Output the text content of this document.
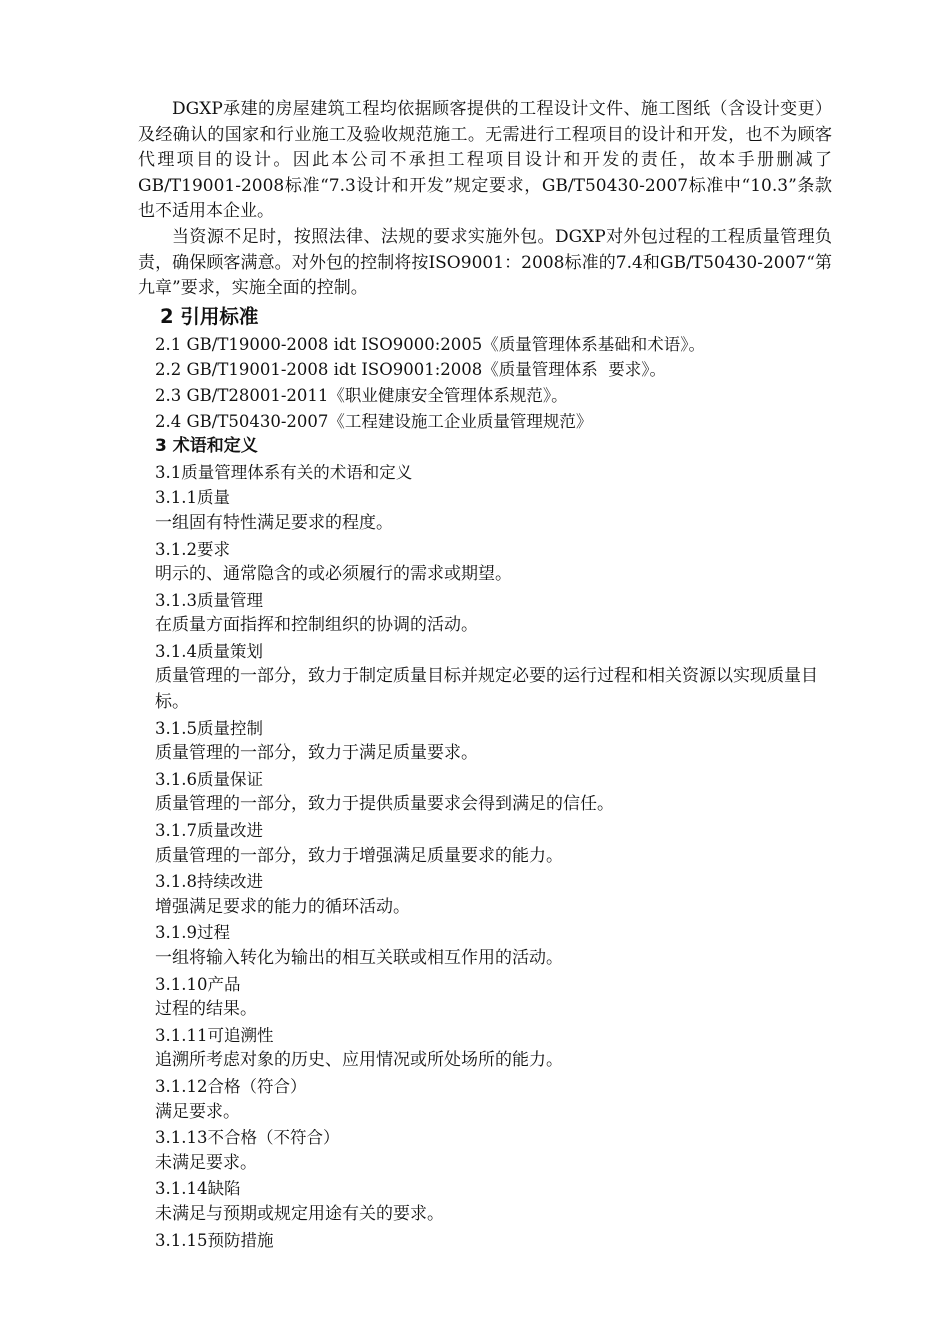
DGXP承建的房屋建筑工程均依据顾客提供的工程设计文件、施工图纸（含设计变更）及经确认的国家和行业施工及验收规范施工。无需进行工程项目的设计和开发，也不为顾客代理项目的设计。因此本公司不承担工程项目设计和开发的责任，故本手册删减了GB/T19001-2008标准“7.3设计和开发”规定要求，GB/T50430-2007标准中“10.3”条款也不适用本企业。

当资源不足时，按照法律、法规的要求实施外包。DGXP对外包过程的工程质量管理负责，确保顾客满意。对外包的控制将按ISO9001：2008标准的7.4和GB/T50430-2007“第九章”要求，实施全面的控制。

2 引用标准
2.1 GB/T19000-2008 idt ISO9000:2005《质量管理体系基础和术语》。
2.2 GB/T19001-2008 idt ISO9001:2008《质量管理体系  要求》。
2.3 GB/T28001-2011《职业健康安全管理体系规范》。
2.4 GB/T50430-2007《工程建设施工企业质量管理规范》
3 术语和定义
3.1质量管理体系有关的术语和定义
3.1.1质量
一组固有特性满足要求的程度。
3.1.2要求
明示的、通常隐含的或必须履行的需求或期望。
3.1.3质量管理
在质量方面指挥和控制组织的协调的活动。
3.1.4质量策划
质量管理的一部分，致力于制定质量目标并规定必要的运行过程和相关资源以实现质量目标。
3.1.5质量控制
质量管理的一部分，致力于满足质量要求。
3.1.6质量保证
质量管理的一部分，致力于提供质量要求会得到满足的信任。
3.1.7质量改进
质量管理的一部分，致力于增强满足质量要求的能力。
3.1.8持续改进
增强满足要求的能力的循环活动。
3.1.9过程
一组将输入转化为输出的相互关联或相互作用的活动。
3.1.10产品
过程的结果。
3.1.11可追溯性
追溯所考虑对象的历史、应用情况或所处场所的能力。
3.1.12合格（符合）
满足要求。
3.1.13不合格（不符合）
未满足要求。
3.1.14缺陷
未满足与预期或规定用途有关的要求。
3.1.15预防措施
